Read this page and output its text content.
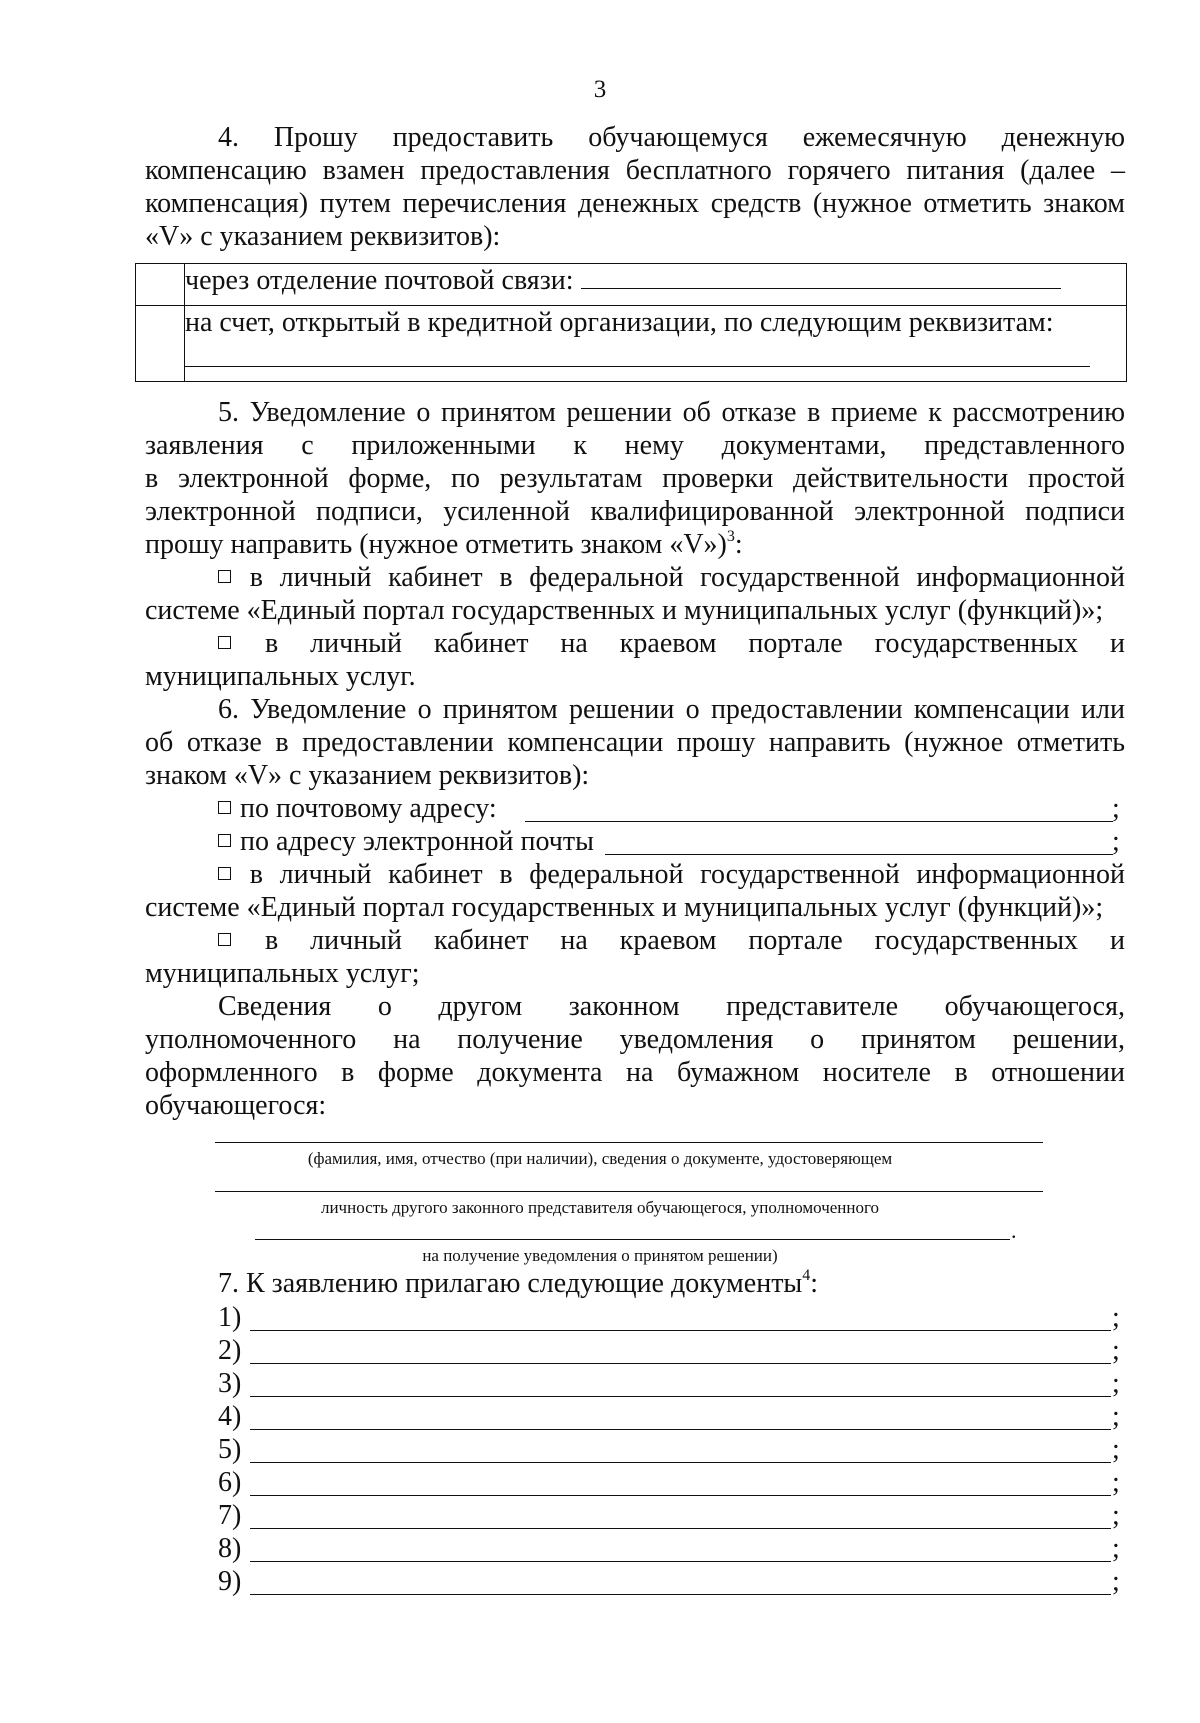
3
4. Прошу предоставить обучающемуся ежемесячную денежную
компенсацию взамен предоставления бесплатного горячего питания (далее –
компенсация) путем перечисления денежных средств (нужное отметить знаком
«V» с указанием реквизитов):
	через отделение почтовой связи:

	на счет, открытый в кредитной организации, по следующим реквизитам:
5. Уведомление о принятом решении об отказе в приеме к рассмотрению
заявления с приложенными к нему документами, представленного
в электронной форме, по результатам проверки действительности простой
электронной подписи, усиленной квалифицированной электронной подписи
прошу направить (нужное отметить знаком «V»)$^3$:
в личный кабинет в федеральной государственной информационной
системе «Единый портал государственных и муниципальных услуг (функций)»;
в личный кабинет на краевом портале государственных и
муниципальных услуг.
6. Уведомление о принятом решении о предоставлении компенсации или
об отказе в предоставлении компенсации прошу направить (нужное отметить
знаком «V» с указанием реквизитов):
по почтовому адресу:	;
по адресу электронной почты	;
в личный кабинет в федеральной государственной информационной
системе «Единый портал государственных и муниципальных услуг (функций)»;
в личный кабинет на краевом портале государственных и
муниципальных услуг;
Сведения о другом законном представителе обучающегося,
уполномоченного на получение уведомления о принятом решении,
оформленного в форме документа на бумажном носителе в отношении
обучающегося:
(фамилия, имя, отчество (при наличии), сведения о документе, удостоверяющем
личность другого законного представителя обучающегося, уполномоченного
.
на получение уведомления о принятом решении)
7. К заявлению прилагаю следующие документы$^4$:
1)	;
2)	;
3)	;
4)	;
5)	;
6)	;
7)	;
8)	;
9)	;
